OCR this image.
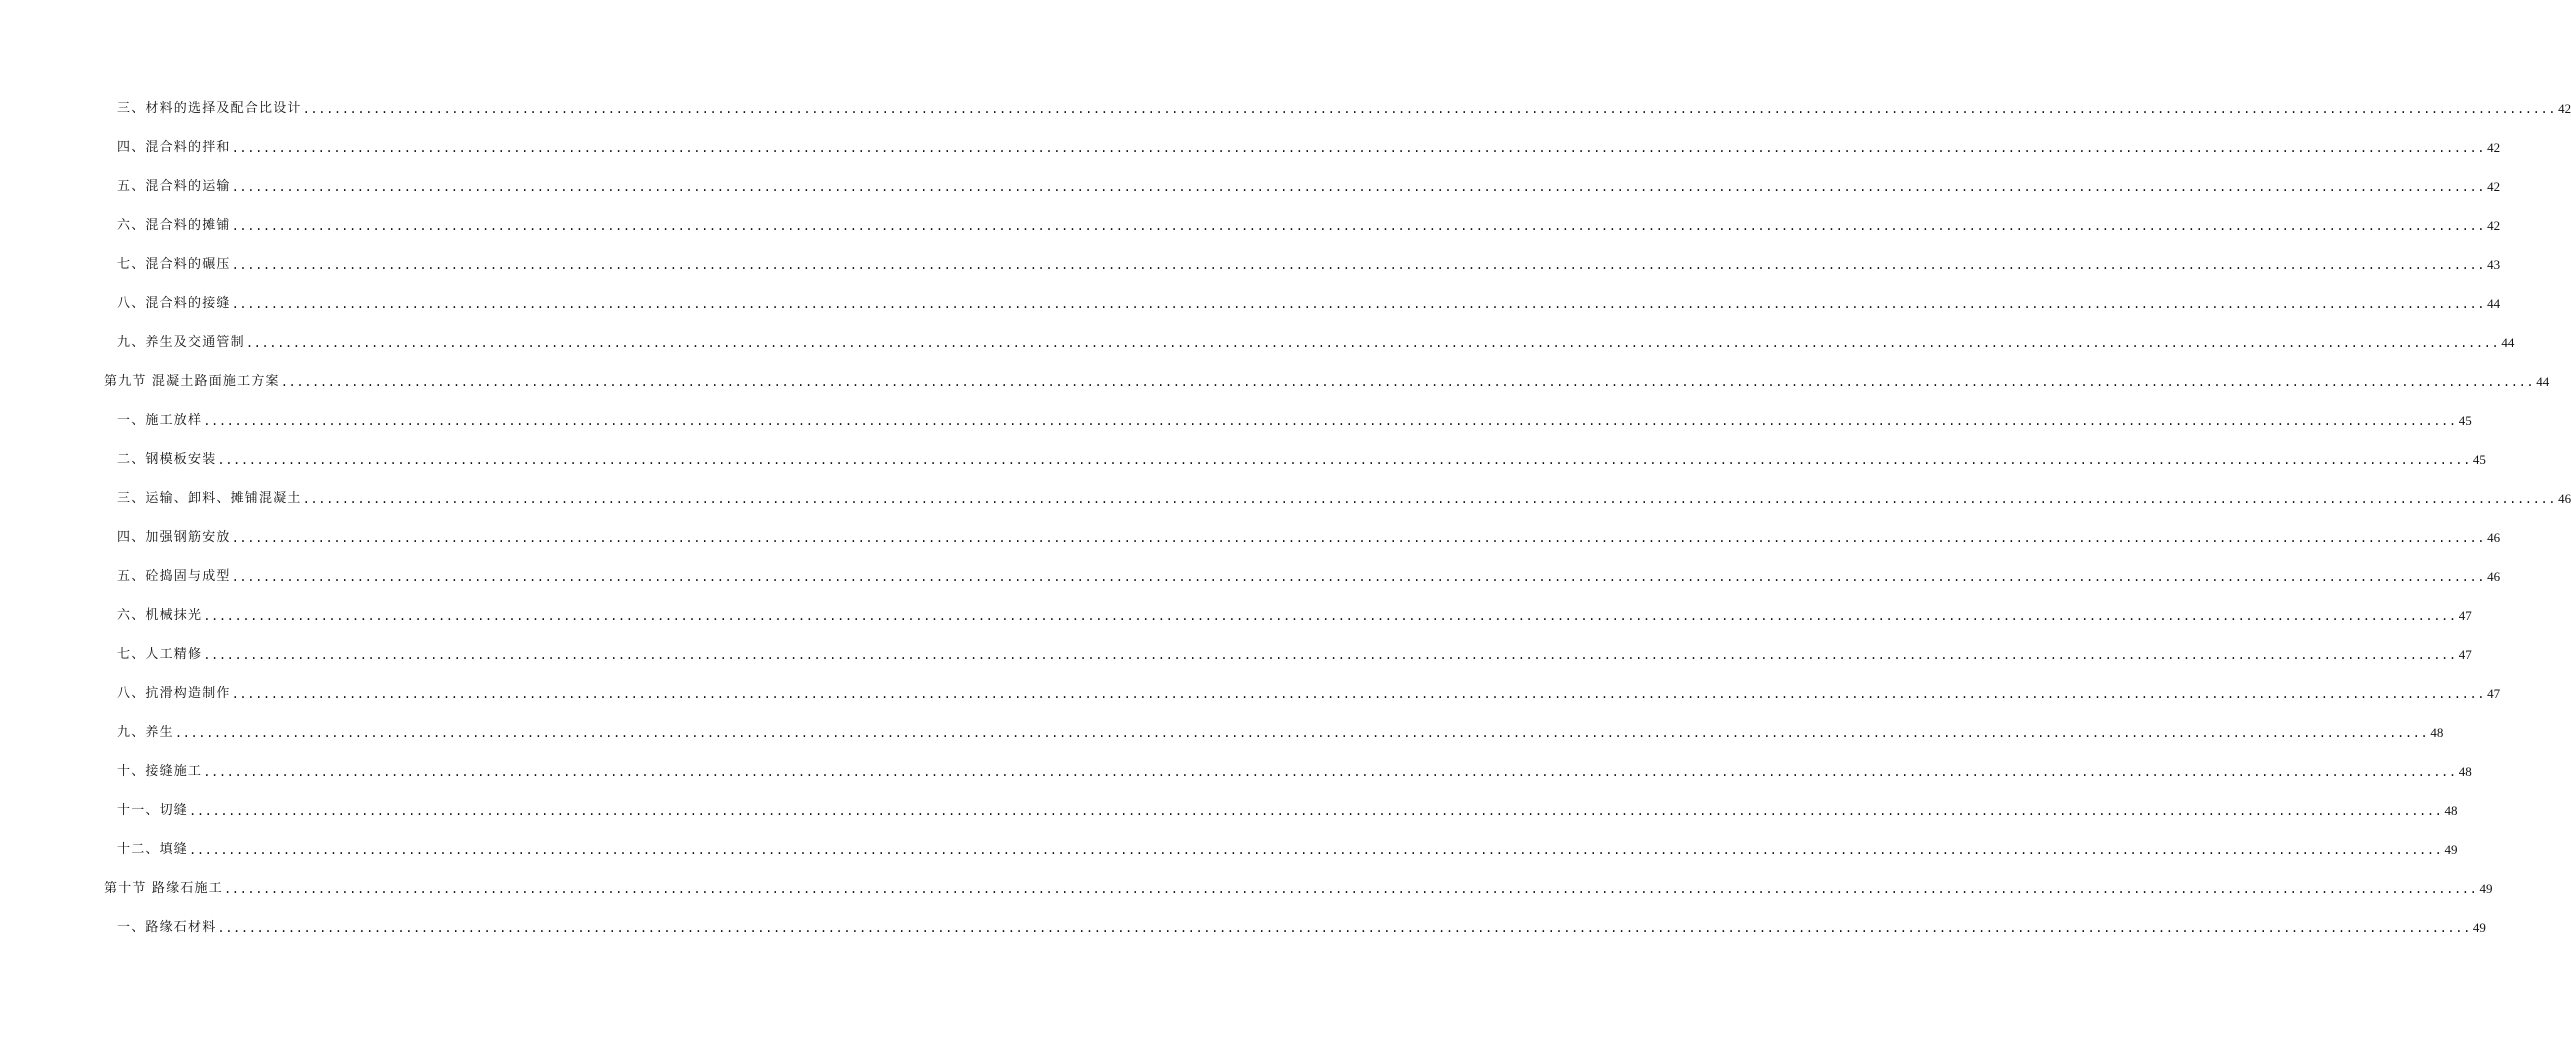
三、材料的选择及配合比设计 ................................................................................................................................................................................................................................................................................................ 42
四、混合料的拌和 ................................................................................................................................................................................................................................................................................................ 42
五、混合料的运输 ................................................................................................................................................................................................................................................................................................ 42
六、混合料的摊铺 ................................................................................................................................................................................................................................................................................................ 42
七、混合料的碾压 ................................................................................................................................................................................................................................................................................................ 43
八、混合料的接缝 ................................................................................................................................................................................................................................................................................................ 44
九、养生及交通管制 ................................................................................................................................................................................................................................................................................................ 44
第九节 混凝土路面施工方案 ................................................................................................................................................................................................................................................................................................ 44
一、施工放样 ................................................................................................................................................................................................................................................................................................ 45
二、钢模板安装 ................................................................................................................................................................................................................................................................................................ 45
三、运输、卸料、摊铺混凝土 ................................................................................................................................................................................................................................................................................................ 46
四、加强钢筋安放 ................................................................................................................................................................................................................................................................................................ 46
五、砼捣固与成型 ................................................................................................................................................................................................................................................................................................ 46
六、机械抹光 ................................................................................................................................................................................................................................................................................................ 47
七、人工精修 ................................................................................................................................................................................................................................................................................................ 47
八、抗滑构造制作 ................................................................................................................................................................................................................................................................................................ 47
九、养生 ................................................................................................................................................................................................................................................................................................ 48
十、接缝施工 ................................................................................................................................................................................................................................................................................................ 48
十一、切缝 ................................................................................................................................................................................................................................................................................................ 48
十二、填缝 ................................................................................................................................................................................................................................................................................................ 49
第十节 路缘石施工 ................................................................................................................................................................................................................................................................................................ 49
一、路缘石材料 ................................................................................................................................................................................................................................................................................................ 49
